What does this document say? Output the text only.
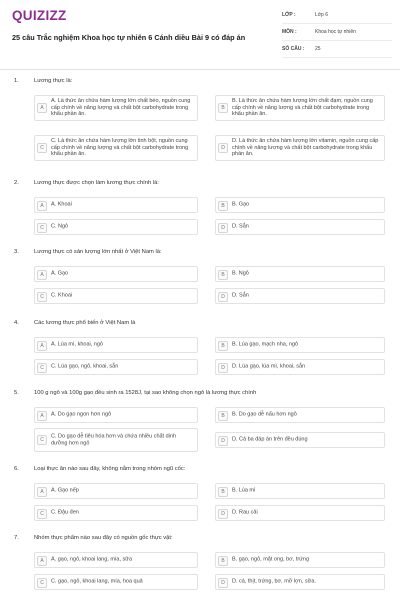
QUIZIZZ
25 câu Trắc nghiệm Khoa học tự nhiên 6 Cánh diều Bài 9 có đáp án
LỚP :	Lớp 6
MÔN :	Khoa học tự nhiên
SỐ CÂU :	25
1.	Lương thực là:
A
A. Là thức ăn chứa hàm lượng lớn chất béo, nguồn cung cấp chính về năng lượng và chất bột carbohydrate trong khẩu phần ăn.
B
B. Là thức ăn chứa hàm lượng lớn chất đạm, nguồn cung cấp chính về năng lượng và chất bột carbohydrate trong khẩu phần ăn.
C
C. Là thức ăn chứa hàm lượng lớn tinh bột, nguồn cung cấp chính về năng lượng và chất bột carbohydrate trong khẩu phần ăn.
D
D. Là thức ăn chứa hàm lượng lớn vitamin, nguồn cung cấp chính về năng lượng và chất bột carbohydrate trong khẩu phần ăn.
2.	Lương thực được chọn làm lương thực chính là:
A	A. Khoai	B	B. Gạo
C	C. Ngô	D	D. Sắn
3.	Lương thực có sản lượng lớn nhất ở Việt Nam là:
A	A. Gạo	B	B. Ngô
C	C. Khoai	D	D. Sắn
4.	Các lương thực phổ biến ở Việt Nam là
A	A. Lúa mì, khoai, ngô	B	B. Lúa gạo, mạch nha, ngô
C	C. Lúa gạo, ngô, khoai, sắn	D	D. Lúa gạo, lúa mì, khoai, sắn
5.	100 g ngô và 100g gạo đều sinh ra 1528J, tại sao không chọn ngô là lương thực chính
A	A. Do gạo ngon hơn ngô	B	B. Do gạo dễ nấu hơn ngô
C
C. Do gạo dễ tiêu hóa hơn và chứa nhiều chất dinh dưỡng hơn ngô	D	D. Cả ba đáp án trên đều đúng
6.	Loại thực ăn nào sau đây, không nằm trong nhóm ngũ cốc:
A	A. Gạo nếp	B	B. Lúa mì
C	C. Đậu đen	D	D. Rau cải
7.	Nhóm thực phẩm nào sau đây có nguồn gốc thực vật:
A	A. gạo, ngô, khoai lang, mía, sữa	B	B. gạo, ngô, mật ong, bơ, trứng
C	C. gạo, ngô, khoai lang, mía, hoa quả	D	D. cá, thịt, trứng, bơ, mỡ lợn, sữa.
